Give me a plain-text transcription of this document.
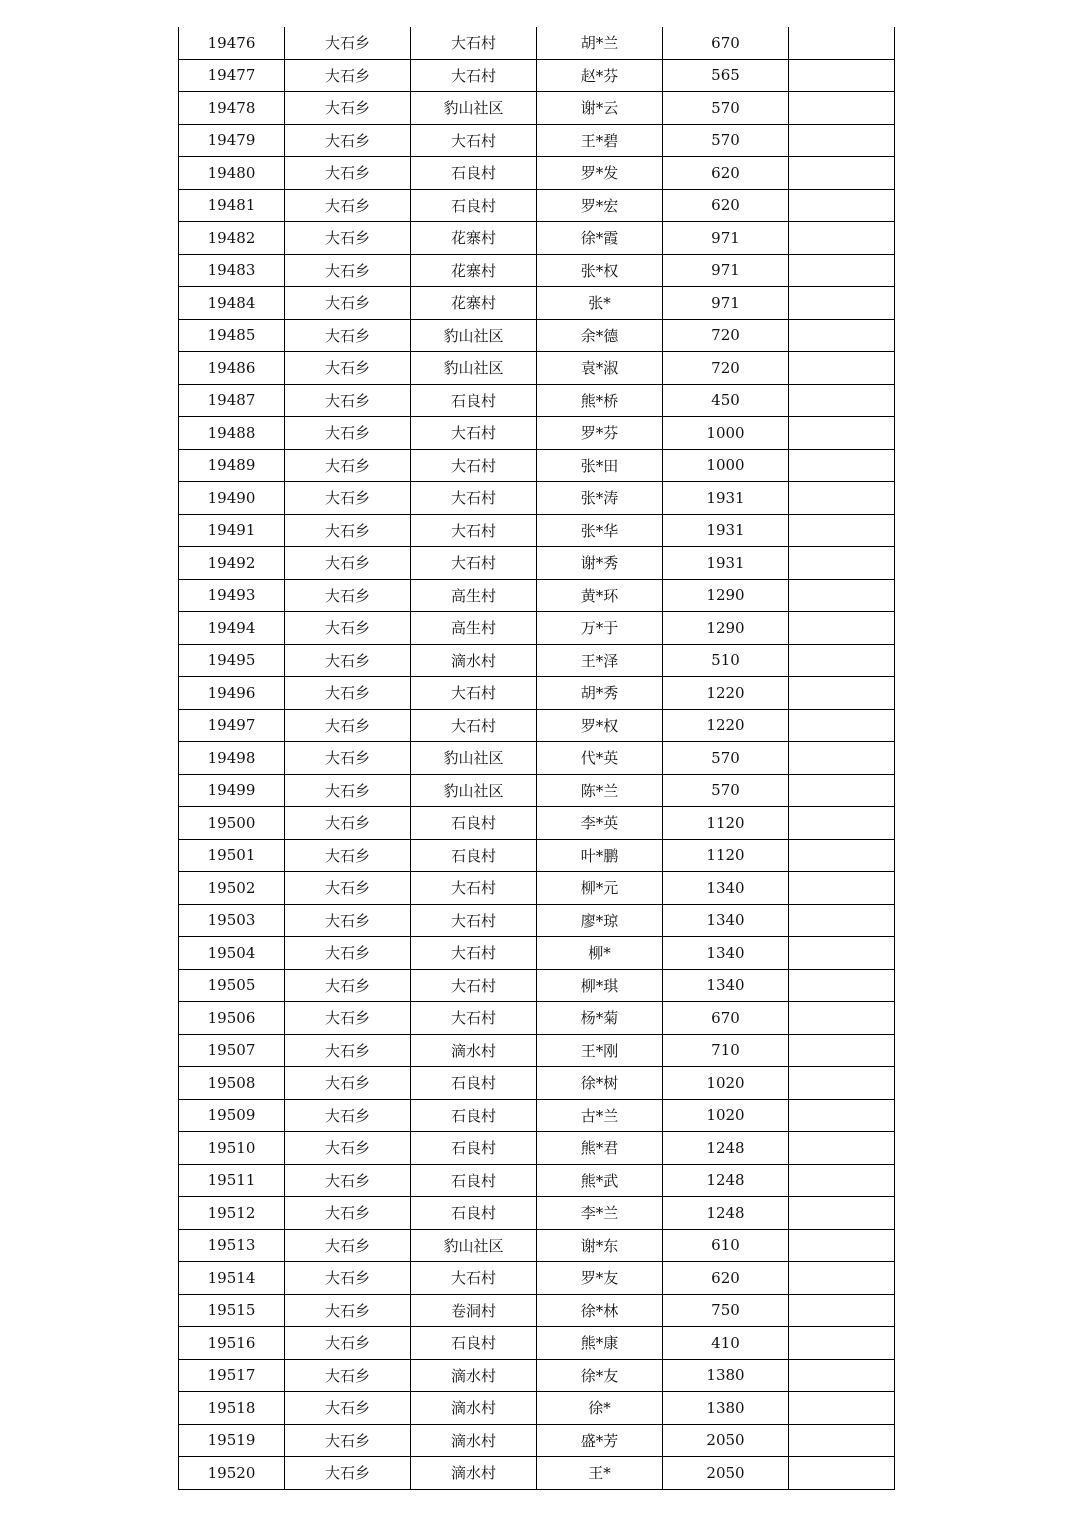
19476	大石乡	大石村	胡*兰	670	
19477	大石乡	大石村	赵*芬	565	
19478	大石乡	豹山社区	谢*云	570	
19479	大石乡	大石村	王*碧	570	
19480	大石乡	石良村	罗*发	620	
19481	大石乡	石良村	罗*宏	620	
19482	大石乡	花寨村	徐*霞	971	
19483	大石乡	花寨村	张*权	971	
19484	大石乡	花寨村	张*	971	
19485	大石乡	豹山社区	余*德	720	
19486	大石乡	豹山社区	袁*淑	720	
19487	大石乡	石良村	熊*桥	450	
19488	大石乡	大石村	罗*芬	1000	
19489	大石乡	大石村	张*田	1000	
19490	大石乡	大石村	张*涛	1931	
19491	大石乡	大石村	张*华	1931	
19492	大石乡	大石村	谢*秀	1931	
19493	大石乡	高生村	黄*环	1290	
19494	大石乡	高生村	万*于	1290	
19495	大石乡	滴水村	王*泽	510	
19496	大石乡	大石村	胡*秀	1220	
19497	大石乡	大石村	罗*权	1220	
19498	大石乡	豹山社区	代*英	570	
19499	大石乡	豹山社区	陈*兰	570	
19500	大石乡	石良村	李*英	1120	
19501	大石乡	石良村	叶*鹏	1120	
19502	大石乡	大石村	柳*元	1340	
19503	大石乡	大石村	廖*琼	1340	
19504	大石乡	大石村	柳*	1340	
19505	大石乡	大石村	柳*琪	1340	
19506	大石乡	大石村	杨*菊	670	
19507	大石乡	滴水村	王*刚	710	
19508	大石乡	石良村	徐*树	1020	
19509	大石乡	石良村	古*兰	1020	
19510	大石乡	石良村	熊*君	1248	
19511	大石乡	石良村	熊*武	1248	
19512	大石乡	石良村	李*兰	1248	
19513	大石乡	豹山社区	谢*东	610	
19514	大石乡	大石村	罗*友	620	
19515	大石乡	卷洞村	徐*林	750	
19516	大石乡	石良村	熊*康	410	
19517	大石乡	滴水村	徐*友	1380	
19518	大石乡	滴水村	徐*	1380	
19519	大石乡	滴水村	盛*芳	2050	
19520	大石乡	滴水村	王*	2050	
